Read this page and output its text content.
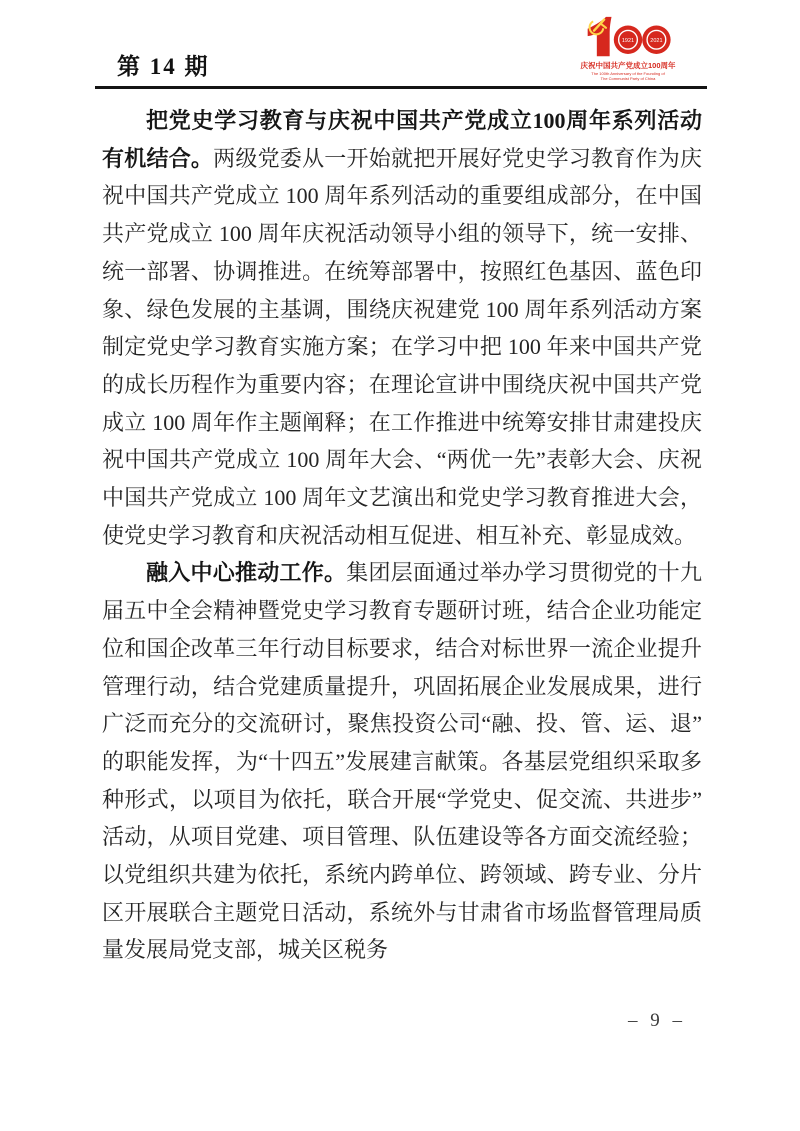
第 14 期
1921	2021
庆祝中国共产党成立100周年
The 100th Anniversary of the Founding of
The Communist Party of China

把党史学习教育与庆祝中国共产党成立100周年系列活动有机结合。两级党委从一开始就把开展好党史学习教育作为庆祝中国共产党成立 100 周年系列活动的重要组成部分，在中国共产党成立 100 周年庆祝活动领导小组的领导下，统一安排、统一部署、协调推进。在统筹部署中，按照红色基因、蓝色印象、绿色发展的主基调，围绕庆祝建党 100 周年系列活动方案制定党史学习教育实施方案；在学习中把 100 年来中国共产党的成长历程作为重要内容；在理论宣讲中围绕庆祝中国共产党成立 100 周年作主题阐释；在工作推进中统筹安排甘肃建投庆祝中国共产党成立 100 周年大会、“两优一先”表彰大会、庆祝中国共产党成立 100 周年文艺演出和党史学习教育推进大会，使党史学习教育和庆祝活动相互促进、相互补充、彰显成效。

融入中心推动工作。集团层面通过举办学习贯彻党的十九届五中全会精神暨党史学习教育专题研讨班，结合企业功能定位和国企改革三年行动目标要求，结合对标世界一流企业提升管理行动，结合党建质量提升，巩固拓展企业发展成果，进行广泛而充分的交流研讨，聚焦投资公司“融、投、管、运、退”的职能发挥，为“十四五”发展建言献策。各基层党组织采取多种形式，以项目为依托，联合开展“学党史、促交流、共进步”活动，从项目党建、项目管理、队伍建设等各方面交流经验；以党组织共建为依托，系统内跨单位、跨领域、跨专业、分片区开展联合主题党日活动，系统外与甘肃省市场监督管理局质量发展局党支部，城关区税务

– 9 –
